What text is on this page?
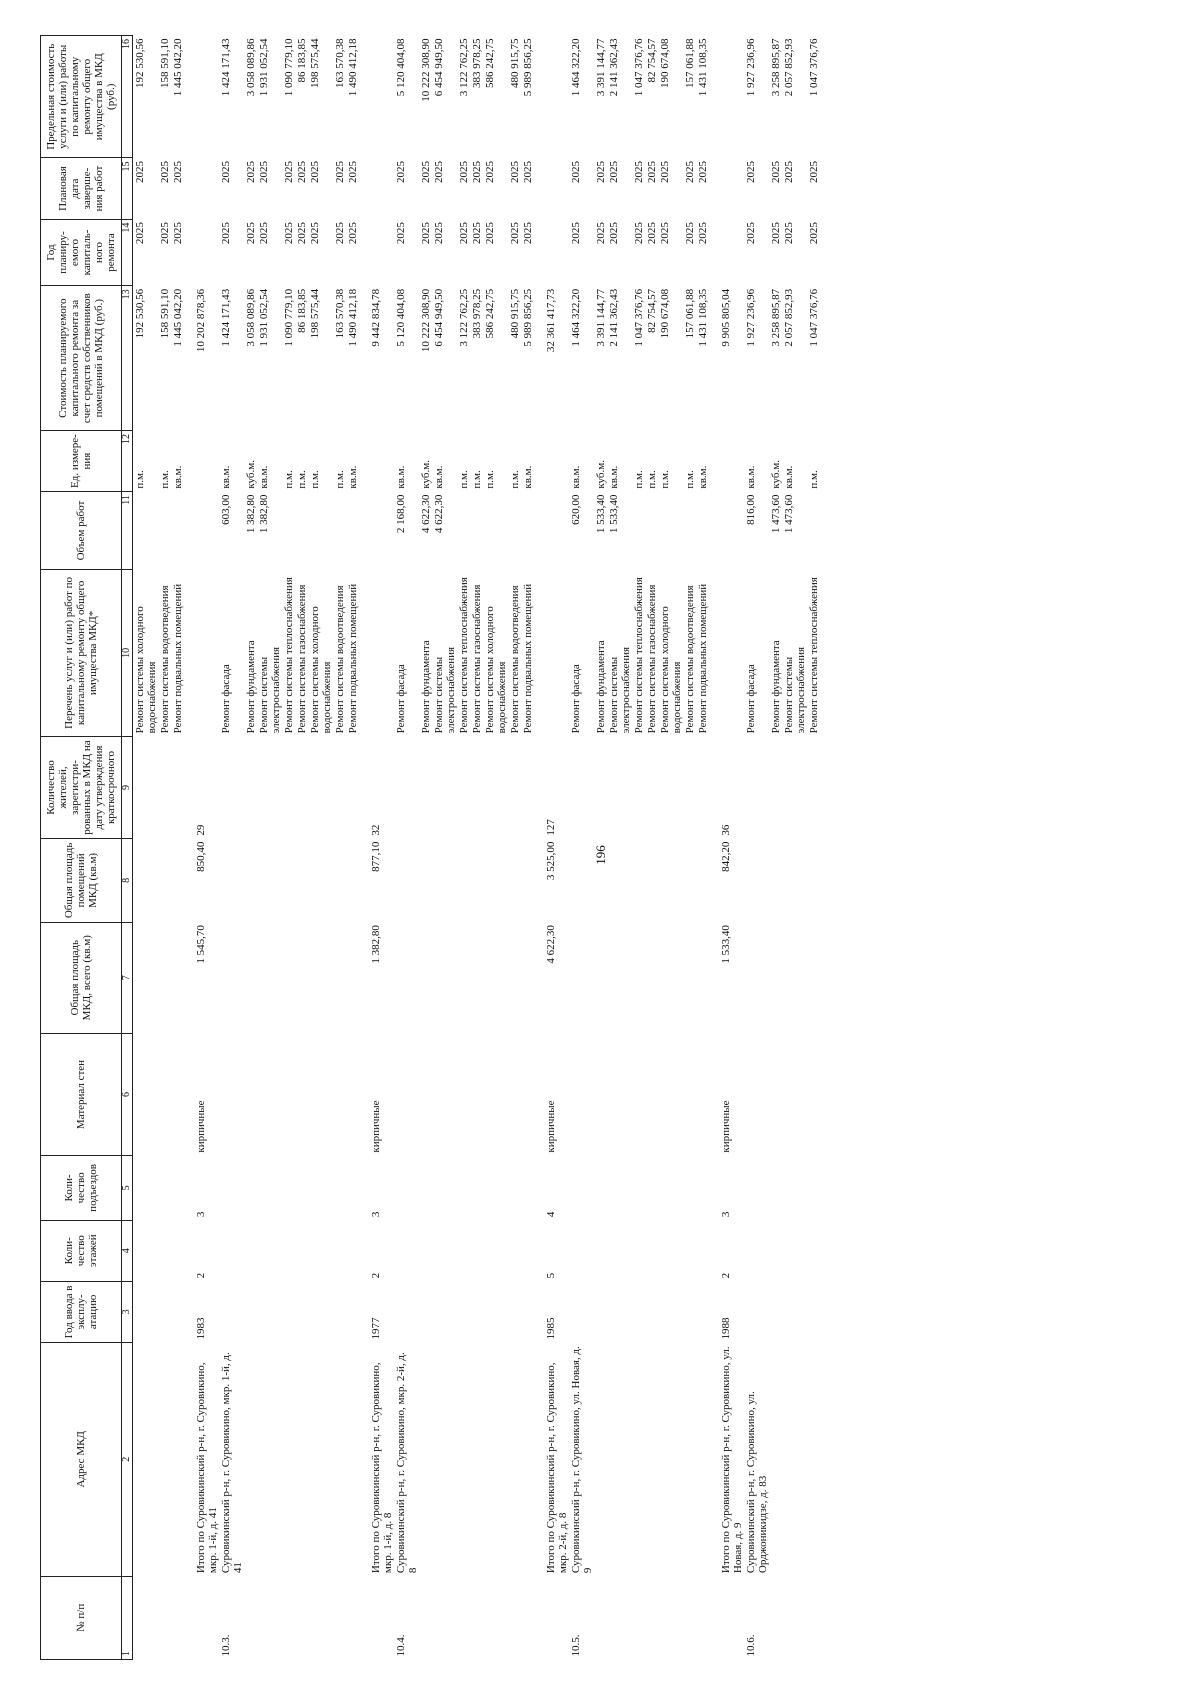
196
№ п/п	Адрес МКД	Год ввода в эксплу-атацию	Коли-чество этажей	Коли-чество подъездов	Материал стен	Общая площадь МКД, всего (кв.м)	Общая площадь помещений МКД (кв.м)	Количество жителей, зарегистри-рованных в МКД на дату утверждения краткосрочного	Перечень услуг и (или) работ по капитальному ремонту общего имущества МКД*	Объем работ	Ед. измере-ния	Стоимость планируемого капитального ремонта за счет средств собственников помещений в МКД (руб.)	Год планиру-емого капиталь-ного ремонта	Плановая дата заверше-ния работ	Предельная стоимость услуги и (или) работы по капитальному ремонту общего имущества в МКД (руб.)
1	2	3	4	5	6	7	8	9	10	11	12	13	14	15	16
									Ремонт системы холодного водоснабжения		п.м.	192 530,56	2025	2025	192 530,56
									Ремонт системы водоотведения		п.м.	158 591,10	2025	2025	158 591,10
									Ремонт подвальных помещений		кв.м.	1 445 042,20	2025	2025	1 445 042,20

	Итого по Суровикинский р-н, г. Суровикино, мкр. 1-й, д. 41	1983	2	3	кирпичные	1 545,70	850,40	29				10 202 878,36			
10.3.	Суровикинский р-н, г. Суровикино, мкр. 1-й, д. 41								Ремонт фасада	603,00	кв.м.	1 424 171,43	2025	2025	1 424 171,43
									Ремонт фундамента	1 382,80	куб.м.	3 058 089,86	2025	2025	3 058 089,86
									Ремонт системы электроснабжения	1 382,80	кв.м.	1 931 052,54	2025	2025	1 931 052,54
									Ремонт системы теплоснабжения		п.м.	1 090 779,10	2025	2025	1 090 779,10
									Ремонт системы газоснабжения		п.м.	86 183,85	2025	2025	86 183,85
									Ремонт системы холодного водоснабжения		п.м.	198 575,44	2025	2025	198 575,44
									Ремонт системы водоотведения		п.м.	163 570,38	2025	2025	163 570,38
									Ремонт подвальных помещений		кв.м.	1 490 412,18	2025	2025	1 490 412,18

	Итого по Суровикинский р-н, г. Суровикино, мкр. 1-й, д. 8	1977	2	3	кирпичные	1 382,80	877,10	32				9 442 834,78			
10.4.	Суровикинский р-н, г. Суровикино, мкр. 2-й, д. 8								Ремонт фасада	2 168,00	кв.м.	5 120 404,08	2025	2025	5 120 404,08
									Ремонт фундамента	4 622,30	куб.м.	10 222 308,90	2025	2025	10 222 308,90
									Ремонт системы электроснабжения	4 622,30	кв.м.	6 454 949,50	2025	2025	6 454 949,50
									Ремонт системы теплоснабжения		п.м.	3 122 762,25	2025	2025	3 122 762,25
									Ремонт системы газоснабжения		п.м.	383 978,25	2025	2025	383 978,25
									Ремонт системы холодного водоснабжения		п.м.	586 242,75	2025	2025	586 242,75
									Ремонт системы водоотведения		п.м.	480 915,75	2025	2025	480 915,75
									Ремонт подвальных помещений		кв.м.	5 989 856,25	2025	2025	5 989 856,25

	Итого по Суровикинский р-н, г. Суровикино, мкр. 2-й, д. 8	1985	5	4	кирпичные	4 622,30	3 525,00	127				32 361 417,73			
10.5.	Суровикинский р-н, г. Суровикино, ул. Новая, д. 9								Ремонт фасада	620,00	кв.м.	1 464 322,20	2025	2025	1 464 322,20
									Ремонт фундамента	1 533,40	куб.м.	3 391 144,77	2025	2025	3 391 144,77
									Ремонт системы электроснабжения	1 533,40	кв.м.	2 141 362,43	2025	2025	2 141 362,43
									Ремонт системы теплоснабжения		п.м.	1 047 376,76	2025	2025	1 047 376,76
									Ремонт системы газоснабжения		п.м.	82 754,57	2025	2025	82 754,57
									Ремонт системы холодного водоснабжения		п.м.	190 674,08	2025	2025	190 674,08
									Ремонт системы водоотведения		п.м.	157 061,88	2025	2025	157 061,88
									Ремонт подвальных помещений		кв.м.	1 431 108,35	2025	2025	1 431 108,35

	Итого по Суровикинский р-н, г. Суровикино, ул. Новая, д. 9	1988	2	3	кирпичные	1 533,40	842,20	36				9 905 805,04			
10.6.	Суровикинский р-н, г. Суровикино, ул. Орджоникидзе, д. 83								Ремонт фасада	816,00	кв.м.	1 927 236,96	2025	2025	1 927 236,96
									Ремонт фундамента	1 473,60	куб.м.	3 258 895,87	2025	2025	3 258 895,87
									Ремонт системы электроснабжения	1 473,60	кв.м.	2 057 852,93	2025	2025	2 057 852,93
									Ремонт системы теплоснабжения		п.м.	1 047 376,76	2025	2025	1 047 376,76
